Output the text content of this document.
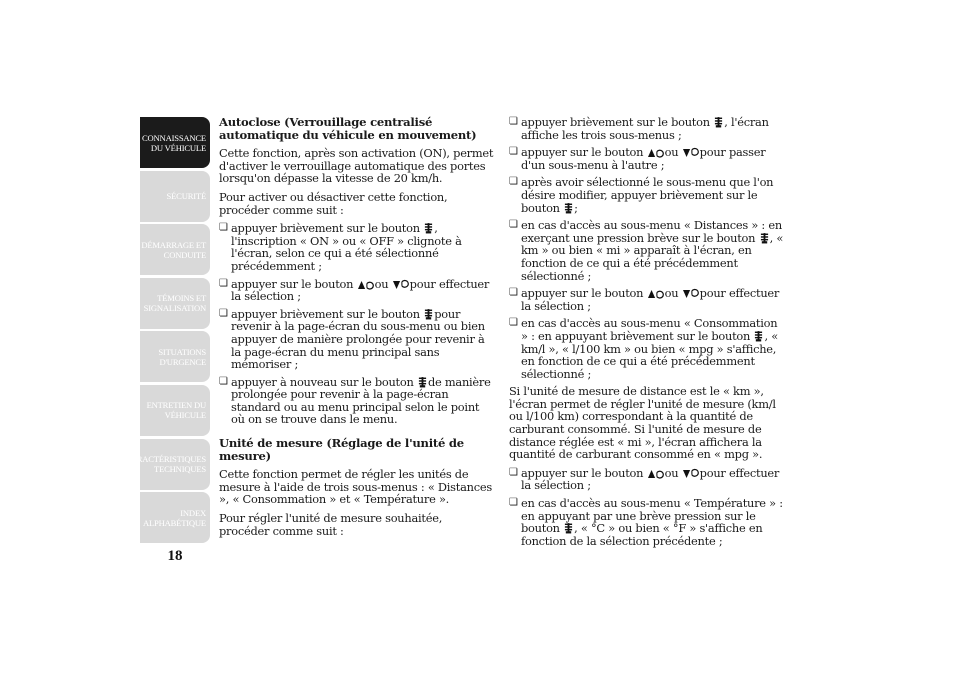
CONNAISSANCE DU VÉHICULE
SÉCURITÉ
DÉMARRAGE ET CONDUITE
TÉMOINS ET SIGNALISATION
SITUATIONS D'URGENCE
ENTRETIEN DU VÉHICULE
CARACTÉRISTIQUES TECHNIQUES
INDEX ALPHABÉTIQUE
18
Autoclose (Verrouillage centralisé automatique du véhicule en mouvement)

Cette fonction, après son activation (ON), permet d'activer le verrouillage automatique des portes lorsqu'on dépasse la vitesse de 20 km/h.

Pour activer ou désactiver cette fonction, procéder comme suit :

❏ appuyer brièvement sur le bouton , l'inscription « ON » ou « OFF » clignote à l'écran, selon ce qui a été sélectionné précédemment ;
❏ appuyer sur le bouton ou pour effectuer la sélection ;
❏ appuyer brièvement sur le bouton pour revenir à la page-écran du sous-menu ou bien appuyer de manière prolongée pour revenir à la page-écran du menu principal sans mémoriser ;
❏ appuyer à nouveau sur le bouton de manière prolongée pour revenir à la page-écran standard ou au menu principal selon le point où on se trouve dans le menu.
Unité de mesure (Réglage de l'unité de mesure)

Cette fonction permet de régler les unités de mesure à l'aide de trois sous-menus : « Distances », « Consommation » et « Température ».

Pour régler l'unité de mesure souhaitée, procéder comme suit :

❏ appuyer brièvement sur le bouton , l'écran affiche les trois sous-menus ;
❏ appuyer sur le bouton ou pour passer d'un sous-menu à l'autre ;
❏ après avoir sélectionné le sous-menu que l'on désire modifier, appuyer brièvement sur le bouton ;
❏ en cas d'accès au sous-menu « Distances » : en exerçant une pression brève sur le bouton , « km » ou bien « mi » apparaît à l'écran, en fonction de ce qui a été précédemment sélectionné ;
❏ appuyer sur le bouton ou pour effectuer la sélection ;
❏ en cas d'accès au sous-menu « Consommation » : en appuyant brièvement sur le bouton , « km/l », « l/100 km » ou bien « mpg » s'affiche, en fonction de ce qui a été précédemment sélectionné ;

Si l'unité de mesure de distance est le « km », l'écran permet de régler l'unité de mesure (km/l ou l/100 km) correspondant à la quantité de carburant consommé. Si l'unité de mesure de distance réglée est « mi », l'écran affichera la quantité de carburant consommé en « mpg ».

❏ appuyer sur le bouton ou pour effectuer la sélection ;
❏ en cas d'accès au sous-menu « Température » : en appuyant par une brève pression sur le bouton , « °C » ou bien « °F » s'affiche en fonction de la sélection précédente ;
